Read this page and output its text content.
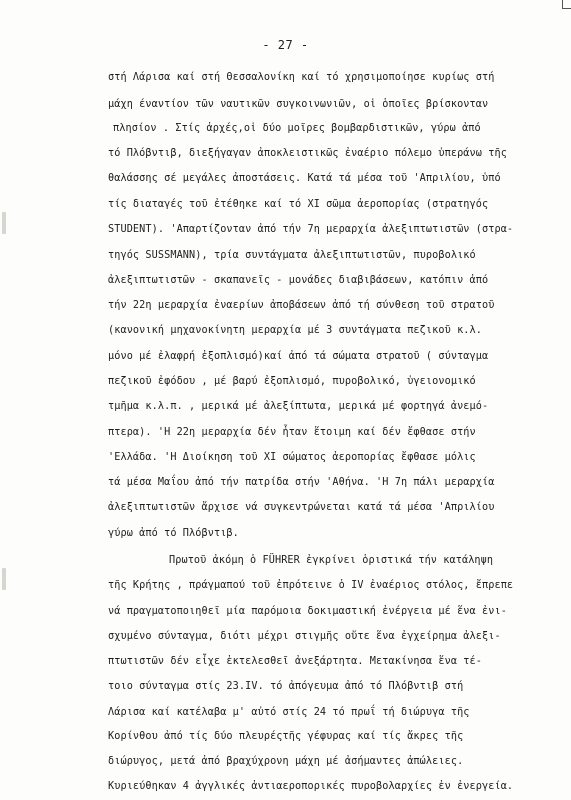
- 27 -
στή Λάρισα καί στή Θεσσαλονίκη καί τό χρησιμοποίησε κυρίως στή
μάχη έναντίον τῶν ναυτικῶν συγκοινωνιῶν, οἱ ὁποῖες βρίσκονταν
πλησίον . Στίς ἀρχές,οἱ δύο μοῖρες βομβαρδιστικῶν, γύρω ἀπό
τό Πλόβντιβ, διεξήγαγαν ἀποκλειστικῶς ἐναέριο πόλεμο ὑπεράνω τῆς
θαλάσσης σέ μεγάλες ἀποστάσεις. Κατά τά μέσα τοῦ 'Απριλίου, ὑπό
τίς διαταγές τοῦ ἐτέθηκε καί τό XI σῶμα ἀεροπορίας (στρατηγός
STUDENT). 'Απαρτίζονταν ἀπό τήν 7η μεραρχία ἀλεξιπτωτιστῶν (στρα-
τηγός SUSSMANN), τρία συντάγματα ἀλεξιπτωτιστῶν, πυροβολικό
ἀλεξιπτωτιστῶν - σκαπανεῖς - μονάδες διαβιβάσεων, κατόπιν ἀπό
τήν 22η μεραρχία ἐναερίων ἀποβάσεων ἀπό τή σύνθεση τοῦ στρατοῦ
(κανονική μηχανοκίνητη μεραρχία μέ 3 συντάγματα πεζικοῦ κ.λ.
μόνο μέ ἐλαφρή ἐξοπλισμό)καί ἀπό τά σώματα στρατοῦ ( σύνταγμα
πεζικοῦ ἐφόδου , μέ βαρύ ἐξοπλισμό, πυροβολικό, ὑγειονομικό
τμῆμα κ.λ.π. , μερικά μέ ἀλεξίπτωτα, μερικά μέ φορτηγά ἀνεμό-
πτερα). 'Η 22η μεραρχία δέν ἦταν ἕτοιμη καί δέν ἔφθασε στήν
'Ελλάδα. 'Η Διοίκηση τοῦ XI σώματος ἀεροπορίας ἔφθασε μόλις
τά μέσα Μαΐου ἀπό τήν πατρίδα στήν 'Αθήνα. 'Η 7η πάλι μεραρχία
ἀλεξιπτωτιστῶν ἄρχισε νά συγκεντρώνεται κατά τά μέσα 'Απριλίου
γύρω ἀπό τό Πλόβντιβ.
Πρωτοῦ ἀκόμη ὁ FÜHRER ἐγκρίνει ὁριστικά τήν κατάληψη
τῆς Κρήτης , πράγμαπού τοῦ ἐπρότεινε ὁ IV ἐναέριος στόλος, ἔπρεπε
νά πραγματοποιηθεῖ μία παρόμοια δοκιμαστική ἐνέργεια μέ ἕνα ἐνι-
σχυμένο σύνταγμα, διότι μέχρι στιγμῆς οὔτε ἕνα ἐγχείρημα ἀλεξι-
πτωτιστῶν δέν εἶχε ἐκτελεσθεῖ ἀνεξάρτητα. Μετακίνησα ἕνα τέ-
τοιο σύνταγμα στίς 23.IV. τό ἀπόγευμα ἀπό τό Πλόβντιβ στή
Λάρισα καί κατέλαβα μ' αὐτό στίς 24 τό πρωΐ τή διώρυγα τῆς
Κορίνθου ἀπό τίς δύο πλευρέςτῆς γέφυρας καί τίς ἄκρες τῆς
διώρυγος, μετά ἀπό βραχύχρονη μάχη μέ ἀσήμαντες ἀπώλειες.
Κυριεύθηκαν 4 ἀγγλικές ἀντιαεροπορικές πυροβολαρχίες ἐν ἐνεργεία.
